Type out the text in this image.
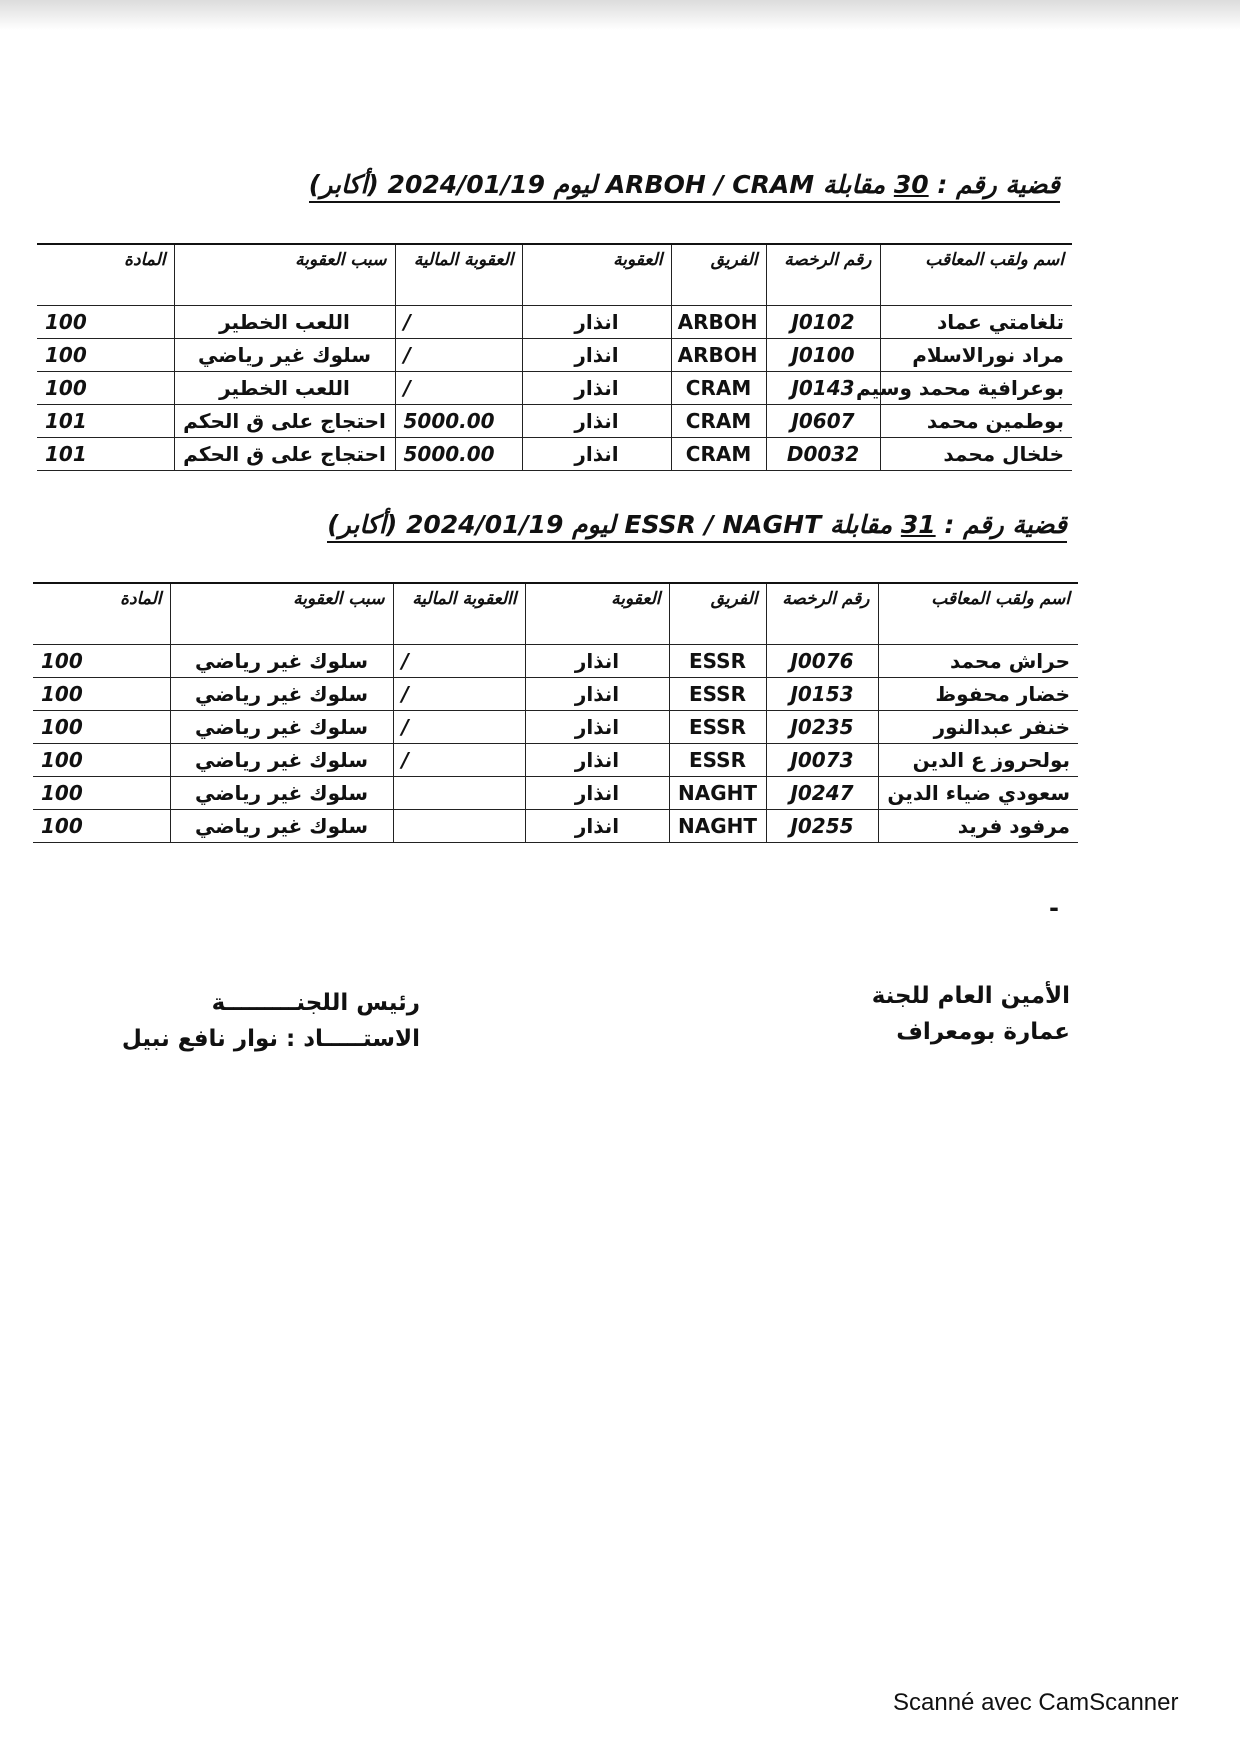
قضية رقم : 30 مقابلة ARBOH / CRAM ليوم 2024/01/19 (أكابر)
اسم ولقب المعاقب	رقم الرخصة	الفريق	العقوبة	العقوبة المالية	سبب العقوبة	المادة
تلغامتي عماد	J0102	ARBOH	انذار	/	اللعب الخطير	100
مراد نورالاسلام	J0100	ARBOH	انذار	/	سلوك غير رياضي	100
بوعرافية محمد وسيم	J0143	CRAM	انذار	/	اللعب الخطير	100
بوطمين محمد	J0607	CRAM	انذار	5000.00	احتجاج على ق الحكم	101
خلخال محمد	D0032	CRAM	انذار	5000.00	احتجاج على ق الحكم	101
قضية رقم : 31 مقابلة ESSR / NAGHT ليوم 2024/01/19 (أكابر)
اسم ولقب المعاقب	رقم الرخصة	الفريق	العقوبة	االعقوبة المالية	سبب العقوبة	المادة
حراش محمد	J0076	ESSR	انذار	/	سلوك غير رياضي	100
خضار محفوظ	J0153	ESSR	انذار	/	سلوك غير رياضي	100
خنفر عبدالنور	J0235	ESSR	انذار	/	سلوك غير رياضي	100
بولحروز ع الدين	J0073	ESSR	انذار	/	سلوك غير رياضي	100
سعودي ضياء الدين	J0247	NAGHT	انذار		سلوك غير رياضي	100
مرفود فريد	J0255	NAGHT	انذار		سلوك غير رياضي	100
-
الأمين العام للجنة
عمارة بومعراف
رئيس اللجنـــــــــة
الاستـــــاد : نوار نافع نبيل
Scanné avec CamScanner
